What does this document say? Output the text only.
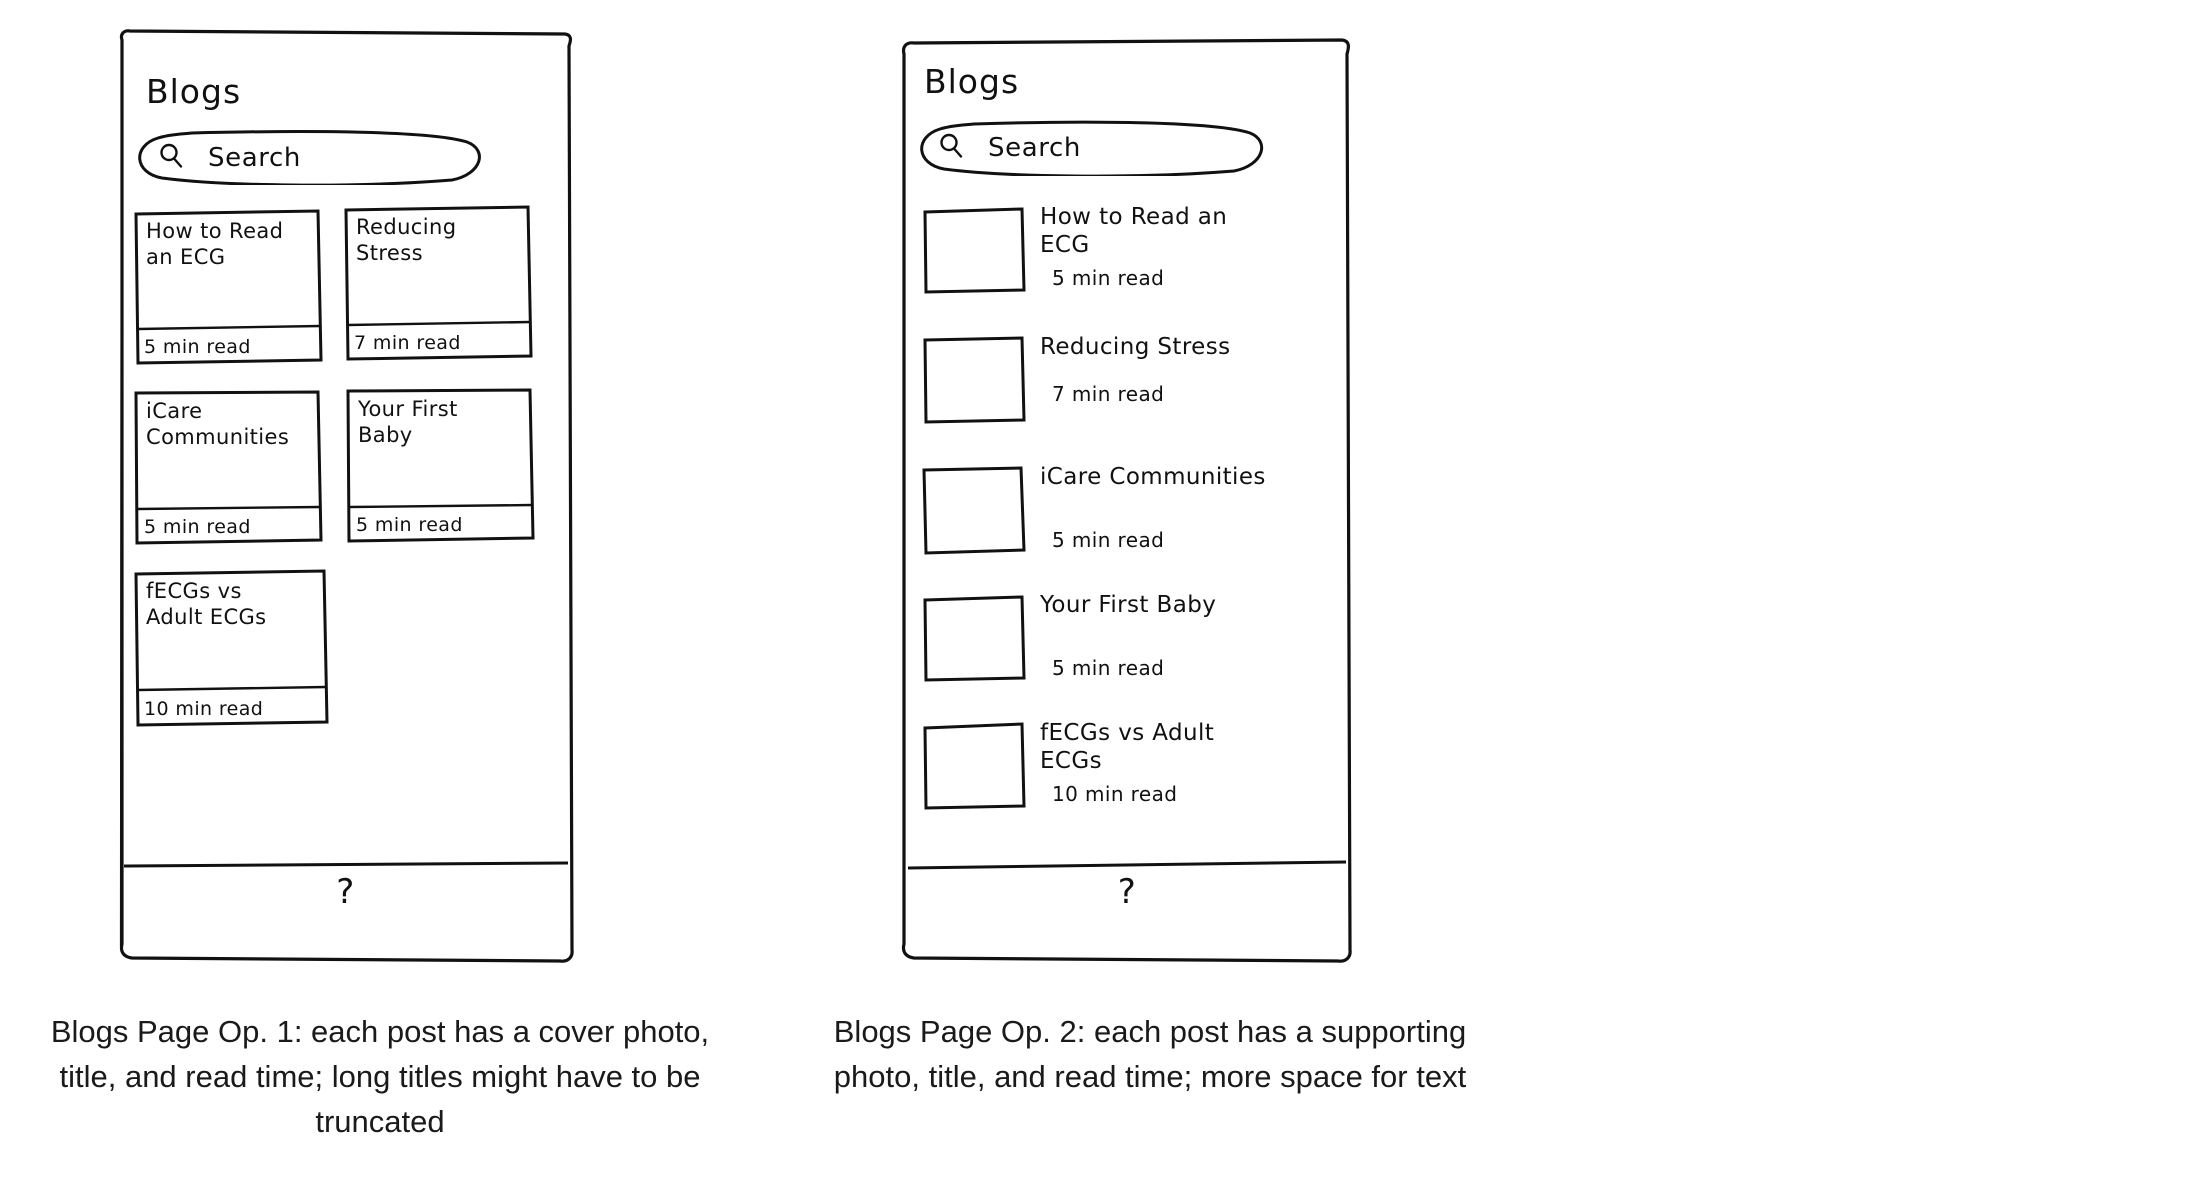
Blogs
Search
How to Read an ECG
5 min read
Reducing Stress
7 min read
iCare Communities
5 min read
Your First Baby
5 min read
fECGs vs Adult ECGs
10 min read
?
Blogs
Search
How to Read an ECG
5 min read
Reducing Stress
7 min read
iCare Communities
5 min read
Your First Baby
5 min read
fECGs vs Adult ECGs
10 min read
?
Blogs Page Op. 1: each post has a cover photo, title, and read time; long titles might have to be truncated
Blogs Page Op. 2: each post has a supporting photo, title, and read time; more space for text
